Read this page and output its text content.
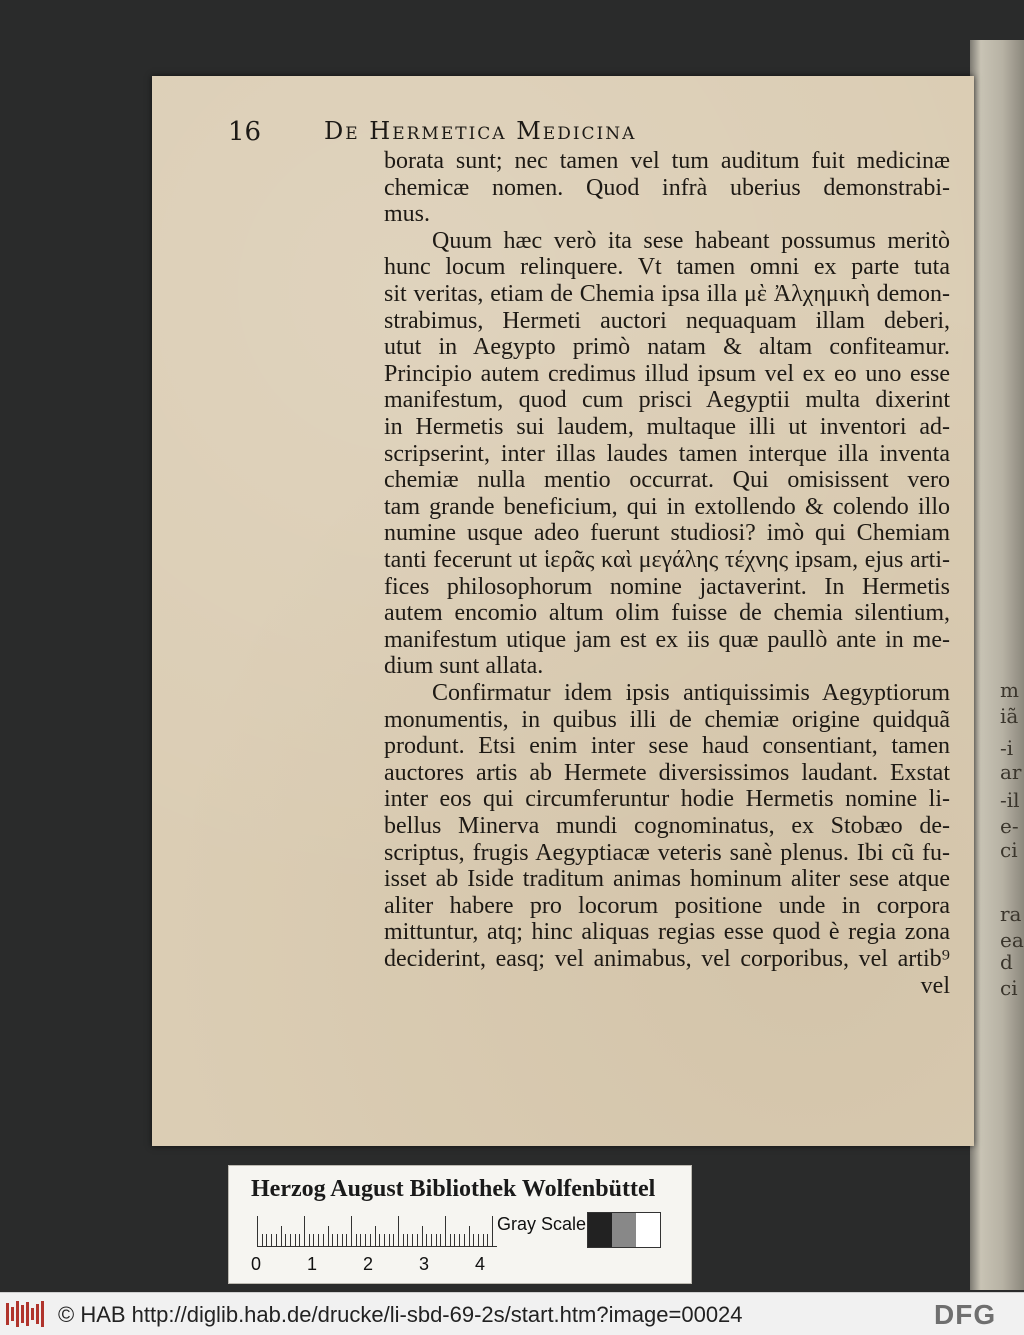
m
iã
-i
ar
-il
e-
ci
ra
ea
d
ci
16	De Hermetica Medicina
borata sunt; nec tamen vel tum auditum fuit medicinæ
chemicæ nomen. Quod infrà uberius demonstrabi-
mus.
Quum hæc verò ita sese habeant possumus meritò
hunc locum relinquere. Vt tamen omni ex parte tuta
sit veritas, etiam de Chemia ipsa illa μὲ Ἀλχημικὴ demon-
strabimus, Hermeti auctori nequaquam illam deberi,
utut in Aegypto primò natam & altam confiteamur.
Principio autem credimus illud ipsum vel ex eo uno esse
manifestum, quod cum prisci Aegyptii multa dixerint
in Hermetis sui laudem, multaque illi ut inventori ad-
scripserint, inter illas laudes tamen interque illa inventa
chemiæ nulla mentio occurrat. Qui omisissent vero
tam grande beneficium, qui in extollendo & colendo illo
numine usque adeo fuerunt studiosi? imò qui Chemiam
tanti fecerunt ut ἱερᾶς καὶ μεγάλης τέχνης ipsam, ejus arti-
fices philosophorum nomine jactaverint. In Hermetis
autem encomio altum olim fuisse de chemia silentium,
manifestum utique jam est ex iis quæ paullò ante in me-
dium sunt allata.
Confirmatur idem ipsis antiquissimis Aegyptiorum
monumentis, in quibus illi de chemiæ origine quidquã
produnt. Etsi enim inter sese haud consentiant, tamen
auctores artis ab Hermete diversissimos laudant. Exstat
inter eos qui circumferuntur hodie Hermetis nomine li-
bellus Minerva mundi cognominatus, ex Stobæo de-
scriptus, frugis Aegyptiacæ veteris sanè plenus. Ibi cũ fu-
isset ab Iside traditum animas hominum aliter sese atque
aliter habere pro locorum positione unde in corpora
mittuntur, atq; hinc aliquas regias esse quod è regia zona
deciderint, easq; vel animabus, vel corporibus, vel artib⁹
vel
Herzog August Bibliothek Wolfenbüttel
0	1	2	3	4
Gray Scale
© HAB http://diglib.hab.de/drucke/li-sbd-69-2s/start.htm?image=00024	DFG
